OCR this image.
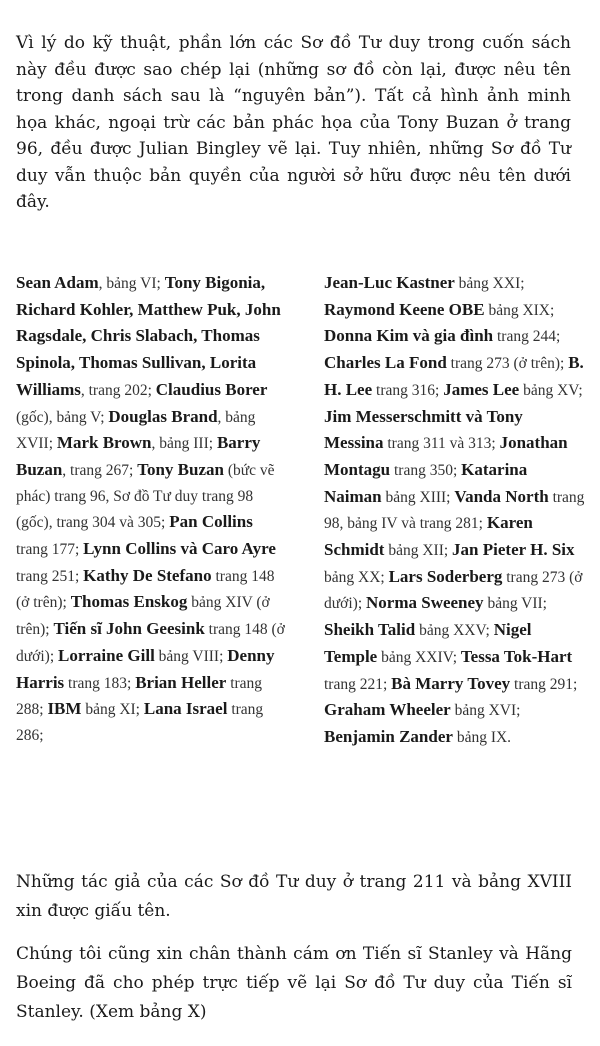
Vì lý do kỹ thuật, phần lớn các Sơ đồ Tư duy trong cuốn sách này đều được sao chép lại (những sơ đồ còn lại, được nêu tên trong danh sách sau là “nguyên bản”). Tất cả hình ảnh minh họa khác, ngoại trừ các bản phác họa của Tony Buzan ở trang 96, đều được Julian Bingley vẽ lại. Tuy nhiên, những Sơ đồ Tư duy vẫn thuộc bản quyền của người sở hữu được nêu tên dưới đây.

Sean Adam, bảng VI; Tony Bigonia, Richard Kohler, Matthew Puk, John Ragsdale, Chris Slabach, Thomas Spinola, Thomas Sullivan, Lorita Williams, trang 202; Claudius Borer (gốc), bảng V; Douglas Brand, bảng XVII; Mark Brown, bảng III; Barry Buzan, trang 267; Tony Buzan (bức vẽ phác) trang 96, Sơ đồ Tư duy trang 98 (gốc), trang 304 và 305; Pan Collins trang 177; Lynn Collins và Caro Ayre trang 251; Kathy De Stefano trang 148 (ở trên); Thomas Enskog bảng XIV (ở trên); Tiến sĩ John Geesink trang 148 (ở dưới); Lorraine Gill bảng VIII; Denny Harris trang 183; Brian Heller trang 288; IBM bảng XI; Lana Israel trang 286;

Jean-Luc Kastner bảng XXI; Raymond Keene OBE bảng XIX; Donna Kim và gia đình trang 244; Charles La Fond trang 273 (ở trên); B. H. Lee trang 316; James Lee bảng XV; Jim Messerschmitt và Tony Messina trang 311 và 313; Jonathan Montagu trang 350; Katarina Naiman bảng XIII; Vanda North trang 98, bảng IV và trang 281; Karen Schmidt bảng XII; Jan Pieter H. Six bảng XX; Lars Soderberg trang 273 (ở dưới); Norma Sweeney bảng VII; Sheikh Talid bảng XXV; Nigel Temple bảng XXIV; Tessa Tok-Hart trang 221; Bà Marry Tovey trang 291; Graham Wheeler bảng XVI; Benjamin Zander bảng IX.

Những tác giả của các Sơ đồ Tư duy ở trang 211 và bảng XVIII xin được giấu tên.

Chúng tôi cũng xin chân thành cám ơn Tiến sĩ Stanley và Hãng Boeing đã cho phép trực tiếp vẽ lại Sơ đồ Tư duy của Tiến sĩ Stanley. (Xem bảng X)
